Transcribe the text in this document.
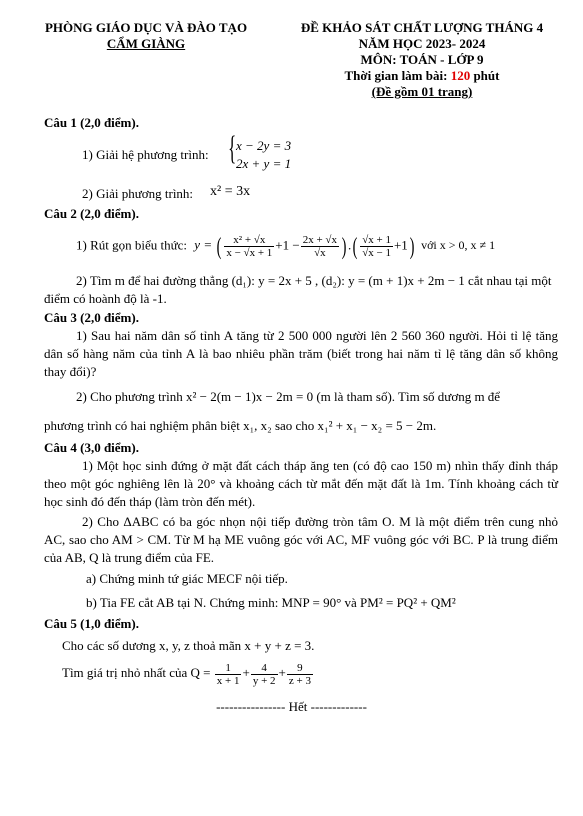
PHÒNG GIÁO DỤC VÀ ĐÀO TẠO
CẨM GIÀNG
ĐỀ KHẢO SÁT CHẤT LƯỢNG THÁNG 4
NĂM HỌC 2023- 2024
MÔN: TOÁN - LỚP 9
Thời gian làm bài: 120 phút
(Đề gồm 01 trang)
Câu 1 (2,0 điểm).
1) Giải hệ phương trình: { x − 2y = 3
2x + y = 1
2) Giải phương trình: x² = 3x
Câu 2 (2,0 điểm).
1) Rút gọn biểu thức: y = ( $\frac{\text{x² + √x}}{x - √x + 1} +1 - \frac{2x + √x}{√x}$ ) .( $\frac{√x + 1}{√x - 1} +1$) với x > 0, x ≠ 1
2) Tìm m để hai đường thẳng (d₁): y = 2x + 5 , (d₂): y = (m + 1)x + 2m − 1 cắt nhau tại một
điểm có hoành độ là -1.
Câu 3 (2,0 điểm).
1) Sau hai năm dân số tỉnh A tăng từ 2 500 000 người lên 2 560 360 người. Hỏi tỉ lệ tăng dân số hàng năm của tỉnh A là bao nhiêu phần trăm (biết trong hai năm tỉ lệ tăng dân số không thay đổi)?
2) Cho phương trình x² − 2(m − 1)x − 2m = 0 (m là tham số). Tìm số dương m để
phương trình có hai nghiệm phân biệt x₁, x₂ sao cho x₁² + x₁ − x₂ = 5 − 2m.
Câu 4 (3,0 điểm).
1) Một học sinh đứng ở mặt đất cách tháp ăng ten (có độ cao 150 m) nhìn thấy đỉnh tháp theo một góc nghiêng lên là 20° và khoảng cách từ mắt đến mặt đất là 1m. Tính khoảng cách từ học sinh đó đến tháp (làm tròn đến mét).
2) Cho ΔABC có ba góc nhọn nội tiếp đường tròn tâm O. M là một điểm trên cung nhỏ AC, sao cho AM > CM. Từ M hạ ME vuông góc với AC, MF vuông góc với BC. P là trung điểm của AB, Q là trung điểm của FE.
a) Chứng minh tứ giác MECF nội tiếp.
b) Tia FE cắt AB tại N. Chứng minh: MNP = 90° và PM² = PQ² + QM²
Câu 5 (1,0 điểm).
Cho các số dương x, y, z thoả mãn x + y + z = 3.
Tìm giá trị nhỏ nhất của $Q = \frac{1}{x + 1} + \frac{4}{y + 2} + \frac{9}{z + 3}$
---------------- Hết -------------
